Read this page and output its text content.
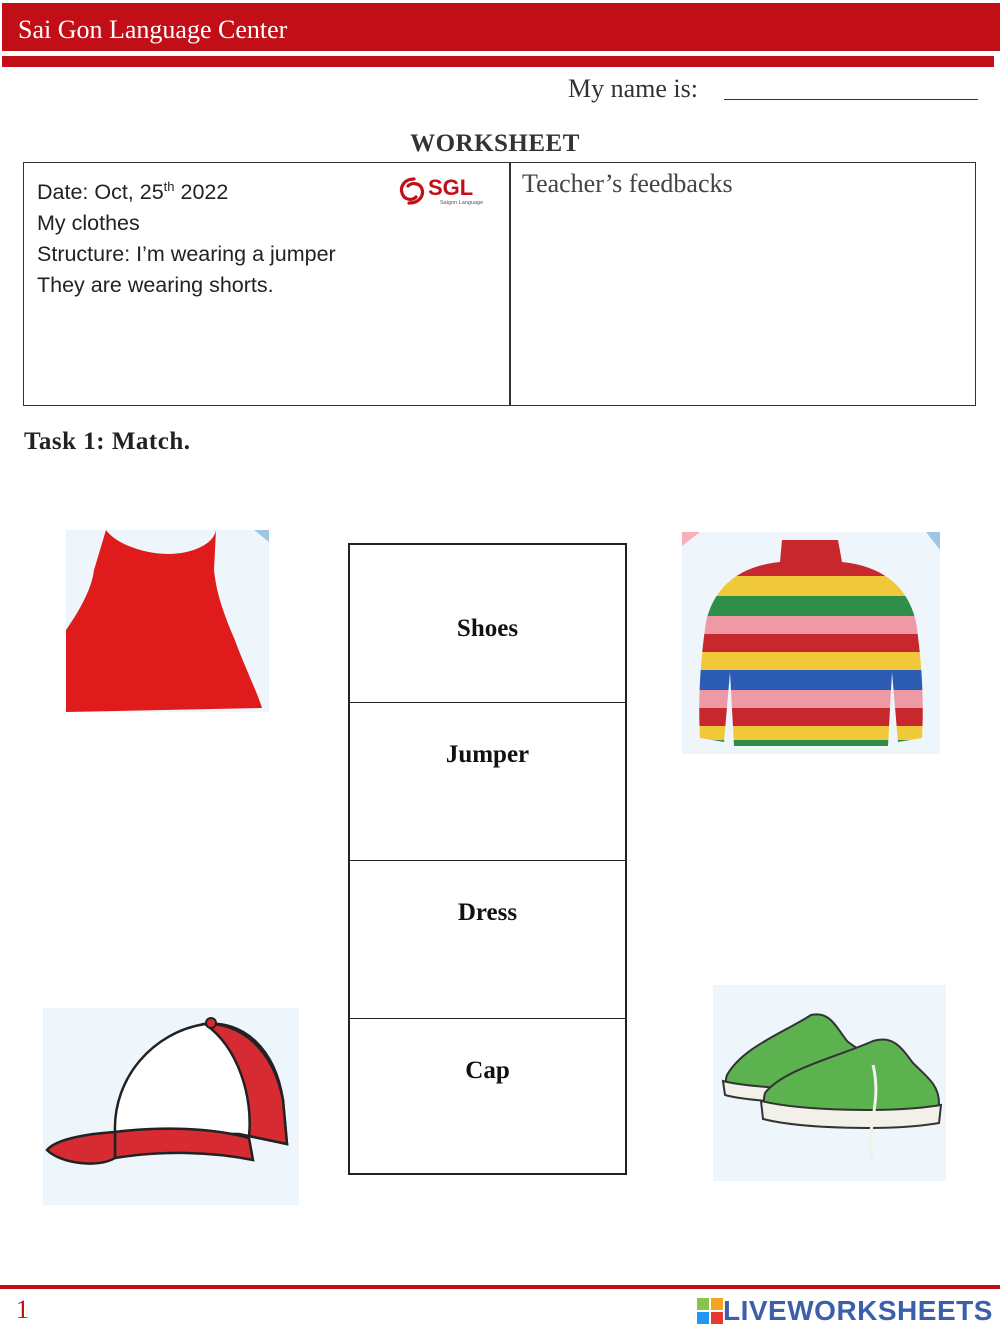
Sai Gon Language Center
My name is:
WORKSHEET
Date: Oct, 25th 2022
My clothes
Structure: I’m wearing a jumper
They are wearing shorts.
SGL
Saigon Language
Teacher’s feedbacks
Task 1: Match.
Shoes
Jumper
Dress
Cap
1	LIVEWORKSHEETS
